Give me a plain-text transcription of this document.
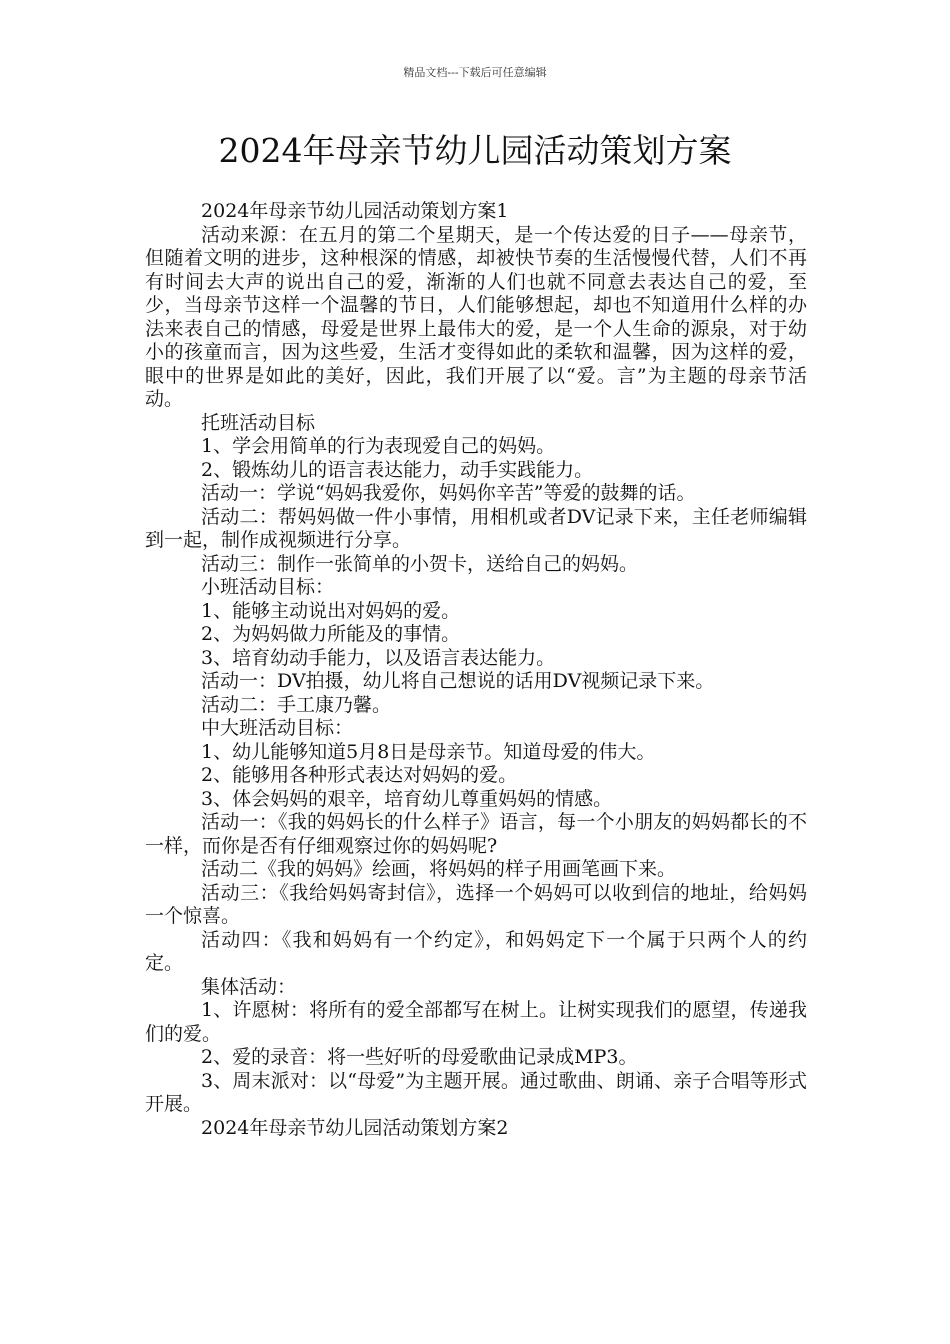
精品文档---下载后可任意编辑
2024年母亲节幼儿园活动策划方案

2024年母亲节幼儿园活动策划方案1

活动来源：在五月的第二个星期天，是一个传达爱的日子——母亲节，但随着文明的进步，这种根深的情感，却被快节奏的生活慢慢代替，人们不再有时间去大声的说出自己的爱，渐渐的人们也就不同意去表达自己的爱，至少，当母亲节这样一个温馨的节日，人们能够想起，却也不知道用什么样的办法来表自己的情感，母爱是世界上最伟大的爱，是一个人生命的源泉，对于幼小的孩童而言，因为这些爱，生活才变得如此的柔软和温馨，因为这样的爱，眼中的世界是如此的美好，因此，我们开展了以“爱。言”为主题的母亲节活动。

托班活动目标

1、学会用简单的行为表现爱自己的妈妈。

2、锻炼幼儿的语言表达能力，动手实践能力。

活动一：学说“妈妈我爱你，妈妈你辛苦”等爱的鼓舞的话。

活动二：帮妈妈做一件小事情，用相机或者DV记录下来，主任老师编辑到一起，制作成视频进行分享。

活动三：制作一张简单的小贺卡，送给自己的妈妈。

小班活动目标：

1、能够主动说出对妈妈的爱。

2、为妈妈做力所能及的事情。

3、培育幼动手能力，以及语言表达能力。

活动一：DV拍摄，幼儿将自己想说的话用DV视频记录下来。

活动二：手工康乃馨。

中大班活动目标：

1、幼儿能够知道5月8日是母亲节。知道母爱的伟大。

2、能够用各种形式表达对妈妈的爱。

3、体会妈妈的艰辛，培育幼儿尊重妈妈的情感。

活动一：《我的妈妈长的什么样子》语言，每一个小朋友的妈妈都长的不一样，而你是否有仔细观察过你的妈妈呢?

活动二《我的妈妈》绘画，将妈妈的样子用画笔画下来。

活动三：《我给妈妈寄封信》，选择一个妈妈可以收到信的地址，给妈妈一个惊喜。

活动四：《我和妈妈有一个约定》，和妈妈定下一个属于只两个人的约定。

集体活动：

1、许愿树：将所有的爱全部都写在树上。让树实现我们的愿望，传递我们的爱。

2、爱的录音：将一些好听的母爱歌曲记录成MP3。

3、周末派对：以“母爱”为主题开展。通过歌曲、朗诵、亲子合唱等形式开展。

2024年母亲节幼儿园活动策划方案2
